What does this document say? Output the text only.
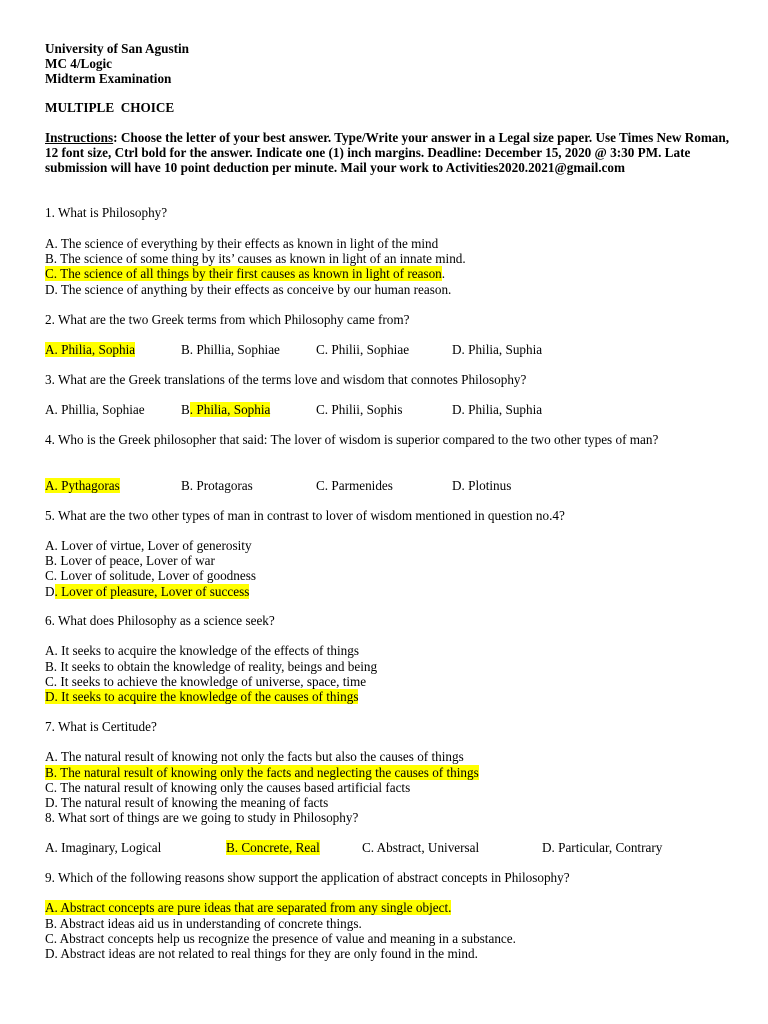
University of San Agustin
MC 4/Logic
Midterm Examination
MULTIPLE  CHOICE
Instructions: Choose the letter of your best answer. Type/Write your answer in a Legal size paper. Use Times New Roman, 12 font size, Ctrl bold for the answer. Indicate one (1) inch margins. Deadline: December 15, 2020 @ 3:30 PM. Late submission will have 10 point deduction per minute. Mail your work to Activities2020.2021@gmail.com
1. What is Philosophy?
A. The science of everything by their effects as known in light of the mind
B. The science of some thing by its’ causes as known in light of an innate mind.
C. The science of all things by their first causes as known in light of reason.
D. The science of anything by their effects as conceive by our human reason.
2. What are the two Greek terms from which Philosophy came from?
A. Philia, Sophia	B. Phillia, Sophiae	C. Philii, Sophiae	D. Philia, Suphia
3. What are the Greek translations of the terms love and wisdom that connotes Philosophy?
A. Phillia, Sophiae	B. Philia, Sophia	C. Philii, Sophis	D. Philia, Suphia
4. Who is the Greek philosopher that said: The lover of wisdom is superior compared to the two other types of man?
A. Pythagoras	B. Protagoras	C. Parmenides	D. Plotinus
5. What are the two other types of man in contrast to lover of wisdom mentioned in question no.4?
A. Lover of virtue, Lover of generosity
B. Lover of peace, Lover of war
C. Lover of solitude, Lover of goodness
D. Lover of pleasure, Lover of success
6. What does Philosophy as a science seek?
A. It seeks to acquire the knowledge of the effects of things
B. It seeks to obtain the knowledge of reality, beings and being
C. It seeks to achieve the knowledge of universe, space, time
D. It seeks to acquire the knowledge of the causes of things
7. What is Certitude?
A. The natural result of knowing not only the facts but also the causes of things
B. The natural result of knowing only the facts and neglecting the causes of things
C. The natural result of knowing only the causes based artificial facts
D. The natural result of knowing the meaning of facts
8. What sort of things are we going to study in Philosophy?
A. Imaginary, Logical	B. Concrete, Real	C. Abstract, Universal	D. Particular, Contrary
9. Which of the following reasons show support the application of abstract concepts in Philosophy?
A. Abstract concepts are pure ideas that are separated from any single object.
B. Abstract ideas aid us in understanding of concrete things.
C. Abstract concepts help us recognize the presence of value and meaning in a substance.
D. Abstract ideas are not related to real things for they are only found in the mind.
